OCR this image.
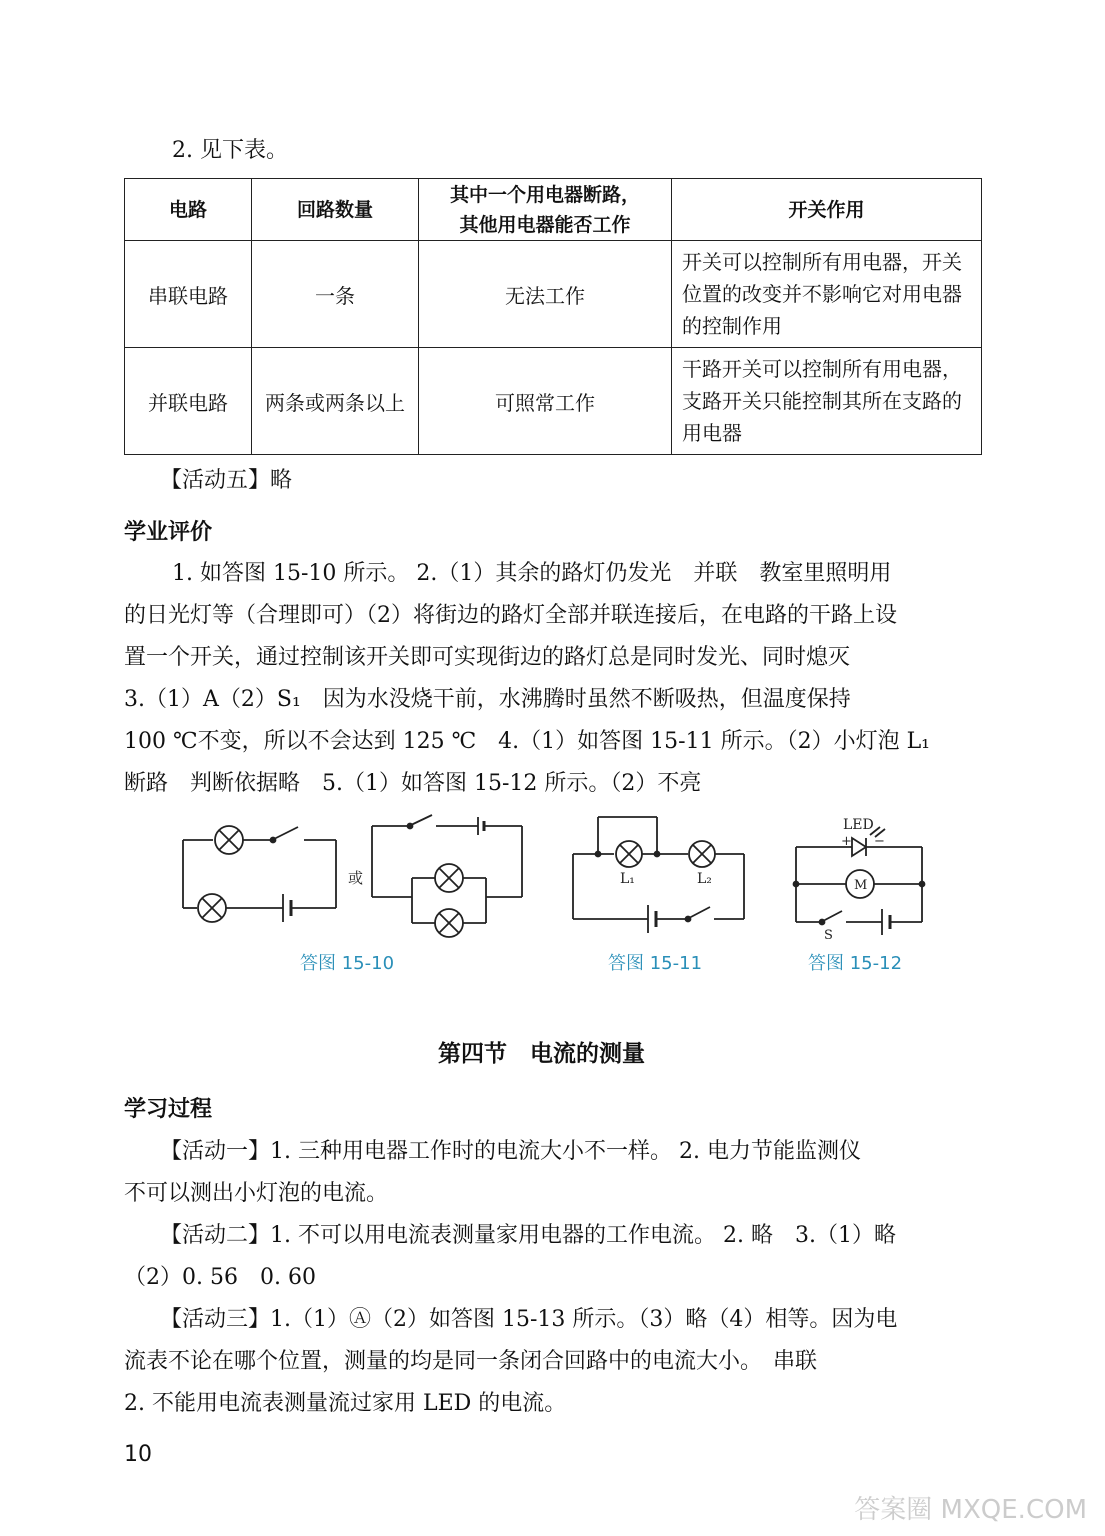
2. 见下表。
电路	回路数量	其中一个用电器断路，
其他用电器能否工作	开关作用
串联电路	一条	无法工作	开关可以控制所有用电器，开关位置的改变并不影响它对用电器的控制作用
并联电路	两条或两条以上	可照常工作	干路开关可以控制所有用电器，支路开关只能控制其所在支路的用电器
【活动五】略
学业评价
1. 如答图 15-10 所示。 2.（1）其余的路灯仍发光　并联　教室里照明用
的日光灯等（合理即可）（2）将街边的路灯全部并联连接后，在电路的干路上设
置一个开关，通过控制该开关即可实现街边的路灯总是同时发光、同时熄灭
3.（1）A（2）S₁　因为水没烧干前，水沸腾时虽然不断吸热，但温度保持
100 ℃不变，所以不会达到 125 ℃　4.（1）如答图 15-11 所示。（2）小灯泡 L₁
断路　判断依据略　5.（1）如答图 15-12 所示。（2）不亮
或	L₁	L₂
LED
+ −
M
S
答图 15-10	答图 15-11	答图 15-12
第四节　电流的测量
学习过程
【活动一】1. 三种用电器工作时的电流大小不一样。 2. 电力节能监测仪
不可以测出小灯泡的电流。
【活动二】1. 不可以用电流表测量家用电器的工作电流。 2. 略　3.（1）略
（2）0. 56　0. 60
【活动三】1.（1）Ⓐ（2）如答图 15-13 所示。（3）略（4）相等。因为电
流表不论在哪个位置，测量的均是同一条闭合回路中的电流大小。　串联
2. 不能用电流表测量流过家用 LED 的电流。
10
答案圈 MXQE.COM
